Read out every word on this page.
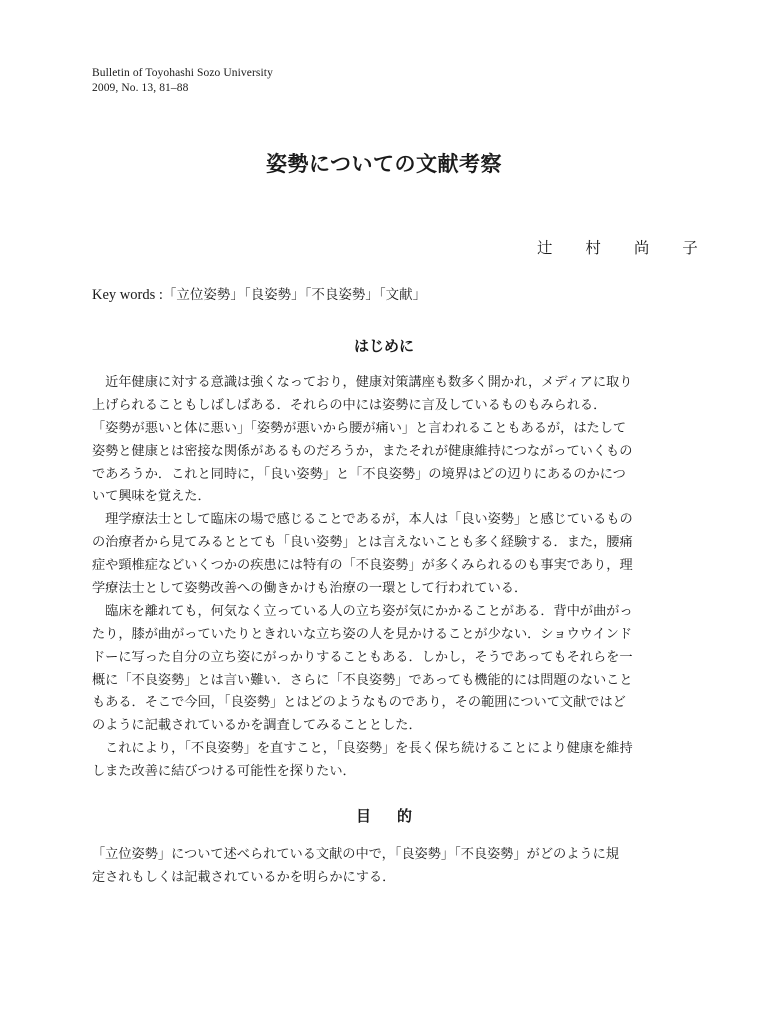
Bulletin of Toyohashi Sozo University
2009, No. 13, 81–88
姿勢についての文献考察
辻 村 尚 子
Key words :「立位姿勢」「良姿勢」「不良姿勢」「文献」
はじめに
　近年健康に対する意識は強くなっており，健康対策講座も数多く開かれ，メディアに取り
上げられることもしばしばある．それらの中には姿勢に言及しているものもみられる．
「姿勢が悪いと体に悪い」「姿勢が悪いから腰が痛い」と言われることもあるが，はたして
姿勢と健康とは密接な関係があるものだろうか，またそれが健康維持につながっていくもの
であろうか．これと同時に，「良い姿勢」と「不良姿勢」の境界はどの辺りにあるのかにつ
いて興味を覚えた．
　理学療法士として臨床の場で感じることであるが，本人は「良い姿勢」と感じているもの
の治療者から見てみるととても「良い姿勢」とは言えないことも多く経験する．また，腰痛
症や頸椎症などいくつかの疾患には特有の「不良姿勢」が多くみられるのも事実であり，理
学療法士として姿勢改善への働きかけも治療の一環として行われている．
　臨床を離れても，何気なく立っている人の立ち姿が気にかかることがある．背中が曲がっ
たり，膝が曲がっていたりときれいな立ち姿の人を見かけることが少ない．ショウウインド
ドーに写った自分の立ち姿にがっかりすることもある．しかし，そうであってもそれらを一
概に「不良姿勢」とは言い難い．さらに「不良姿勢」であっても機能的には問題のないこと
もある．そこで今回，「良姿勢」とはどのようなものであり，その範囲について文献ではど
のように記載されているかを調査してみることとした．
　これにより，「不良姿勢」を直すこと，「良姿勢」を長く保ち続けることにより健康を維持
しまた改善に結びつける可能性を探りたい．
目的
「立位姿勢」について述べられている文献の中で，「良姿勢」「不良姿勢」がどのように規
定されもしくは記載されているかを明らかにする．
